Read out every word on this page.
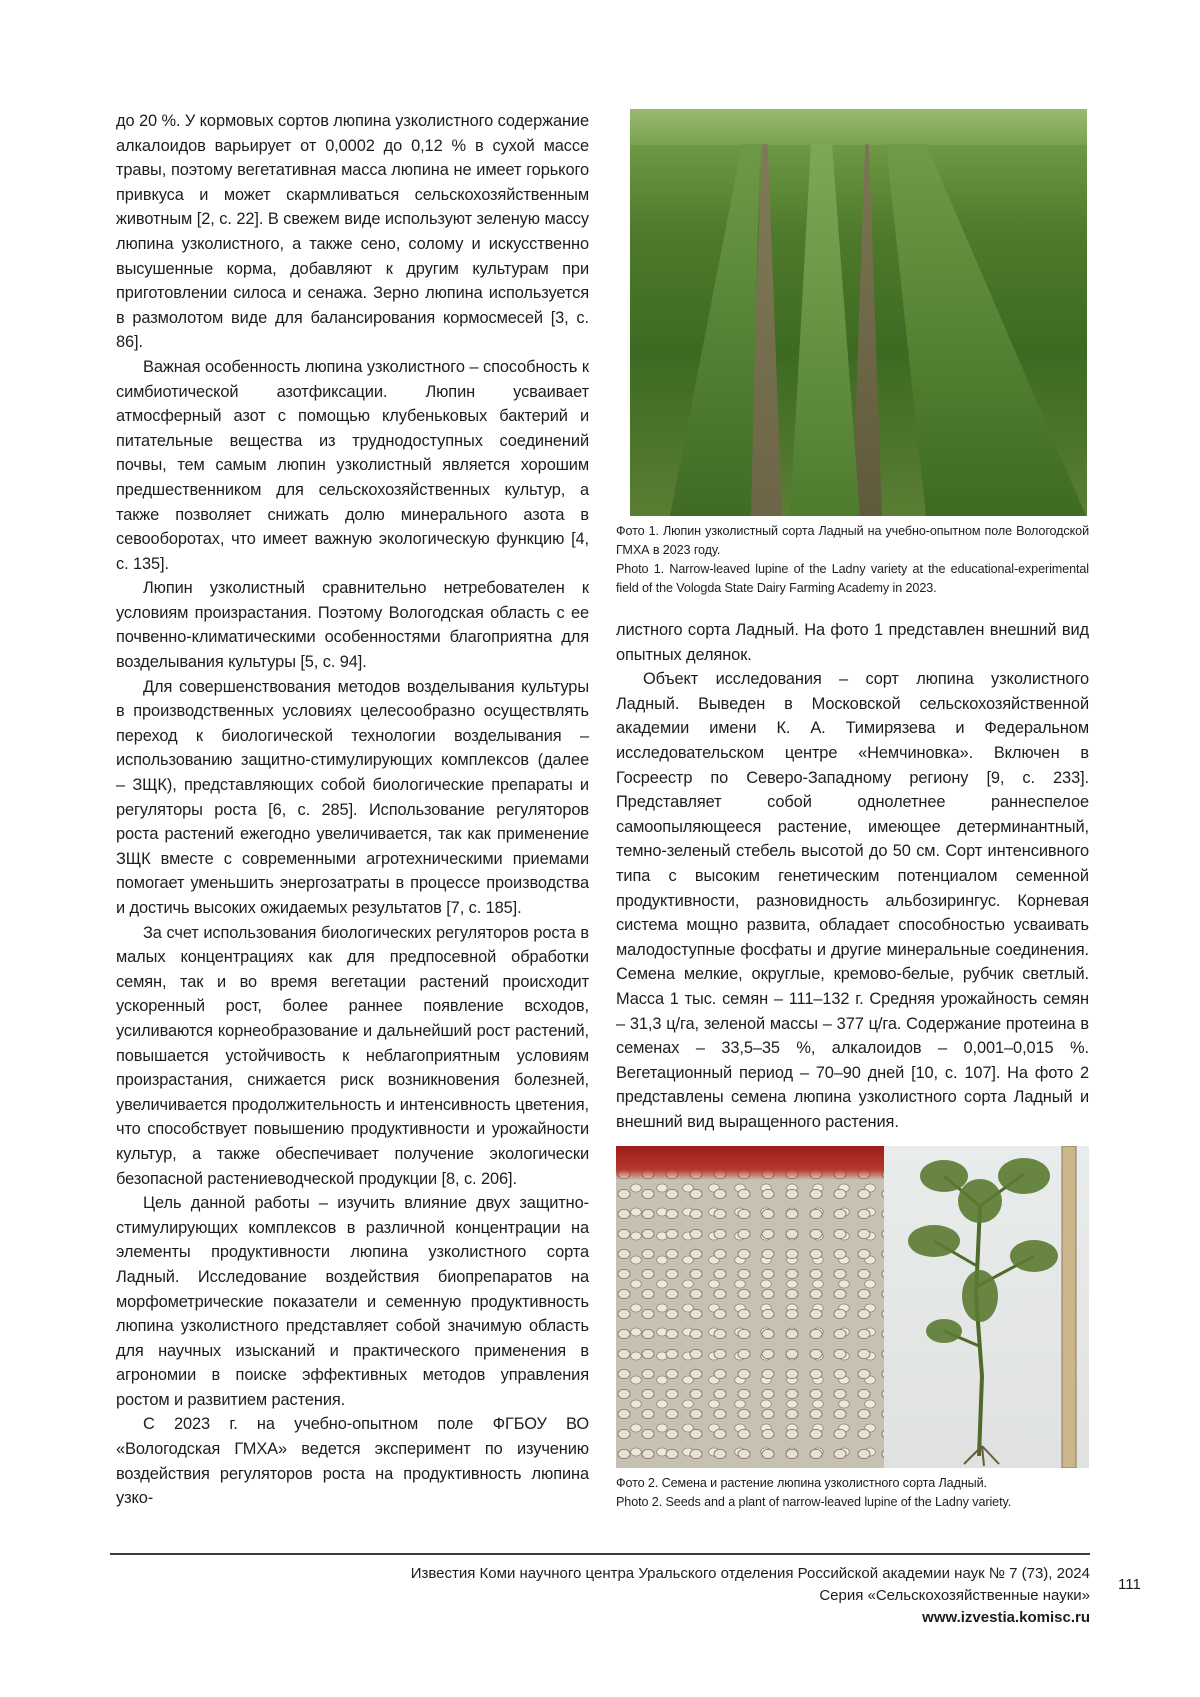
до 20 %. У кормовых сортов люпина узколистного содержание алкалоидов варьирует от 0,0002 до 0,12 % в сухой массе травы, поэтому вегетативная масса люпина не имеет горького привкуса и может скармливаться сельскохозяйственным животным [2, с. 22]. В свежем виде используют зеленую массу люпина узколистного, а также сено, солому и искусственно высушенные корма, добавляют к другим культурам при приготовлении силоса и сенажа. Зерно люпина используется в размолотом виде для балансирования кормосмесей [3, с. 86].

Важная особенность люпина узколистного – способность к симбиотической азотфиксации. Люпин усваивает атмосферный азот с помощью клубеньковых бактерий и питательные вещества из труднодоступных соединений почвы, тем самым люпин узколистный является хорошим предшественником для сельскохозяйственных культур, а также позволяет снижать долю минерального азота в севооборотах, что имеет важную экологическую функцию [4, с. 135].

Люпин узколистный сравнительно нетребователен к условиям произрастания. Поэтому Вологодская область с ее почвенно-климатическими особенностями благоприятна для возделывания культуры [5, с. 94].

Для совершенствования методов возделывания культуры в производственных условиях целесообразно осуществлять переход к биологической технологии возделывания – использованию защитно-стимулирующих комплексов (далее – ЗЩК), представляющих собой биологические препараты и регуляторы роста [6, с. 285]. Использование регуляторов роста растений ежегодно увеличивается, так как применение ЗЩК вместе с современными агротехническими приемами помогает уменьшить энергозатраты в процессе производства и достичь высоких ожидаемых результатов [7, с. 185].

За счет использования биологических регуляторов роста в малых концентрациях как для предпосевной обработки семян, так и во время вегетации растений происходит ускоренный рост, более раннее появление всходов, усиливаются корнеобразование и дальнейший рост растений, повышается устойчивость к неблагоприятным условиям произрастания, снижается риск возникновения болезней, увеличивается продолжительность и интенсивность цветения, что способствует повышению продуктивности и урожайности культур, а также обеспечивает получение экологически безопасной растениеводческой продукции [8, с. 206].

Цель данной работы – изучить влияние двух защитно-стимулирующих комплексов в различной концентрации на элементы продуктивности люпина узколистного сорта Ладный. Исследование воздействия биопрепаратов на морфометрические показатели и семенную продуктивность люпина узколистного представляет собой значимую область для научных изысканий и практического применения в агрономии в поиске эффективных методов управления ростом и развитием растения.

С 2023 г. на учебно-опытном поле ФГБОУ ВО «Вологодская ГМХА» ведется эксперимент по изучению воздействия регуляторов роста на продуктивность люпина узко-

Фото 1. Люпин узколистный сорта Ладный на учебно-опытном поле Вологодской ГМХА в 2023 году.

Photo 1. Narrow-leaved lupine of the Ladny variety at the educational-experimental field of the Vologda State Dairy Farming Academy in 2023.

листного сорта Ладный. На фото 1 представлен внешний вид опытных делянок.

Объект исследования – сорт люпина узколистного Ладный. Выведен в Московской сельскохозяйственной академии имени К. А. Тимирязева и Федеральном исследовательском центре «Немчиновка». Включен в Госреестр по Северо-Западному региону [9, с. 233]. Представляет собой однолетнее раннеспелое самоопыляющееся растение, имеющее детерминантный, темно-зеленый стебель высотой до 50 см. Сорт интенсивного типа с высоким генетическим потенциалом семенной продуктивности, разновидность альбозирингус. Корневая система мощно развита, обладает способностью усваивать малодоступные фосфаты и другие минеральные соединения. Семена мелкие, округлые, кремово-белые, рубчик светлый. Масса 1 тыс. семян – 111–132 г. Средняя урожайность семян – 31,3 ц/га, зеленой массы – 377 ц/га. Содержание протеина в семенах – 33,5–35 %, алкалоидов – 0,001–0,015 %. Вегетационный период – 70–90 дней [10, с. 107]. На фото 2 представлены семена люпина узколистного сорта Ладный и внешний вид выращенного растения.

Фото 2. Семена и растение люпина узколистного сорта Ладный.

Photo 2. Seeds and a plant of narrow-leaved lupine of the Ladny variety.

Известия Коми научного центра Уральского отделения Российской академии наук № 7 (73), 2024
Серия «Сельскохозяйственные науки»
www.izvestia.komisc.ru
111
